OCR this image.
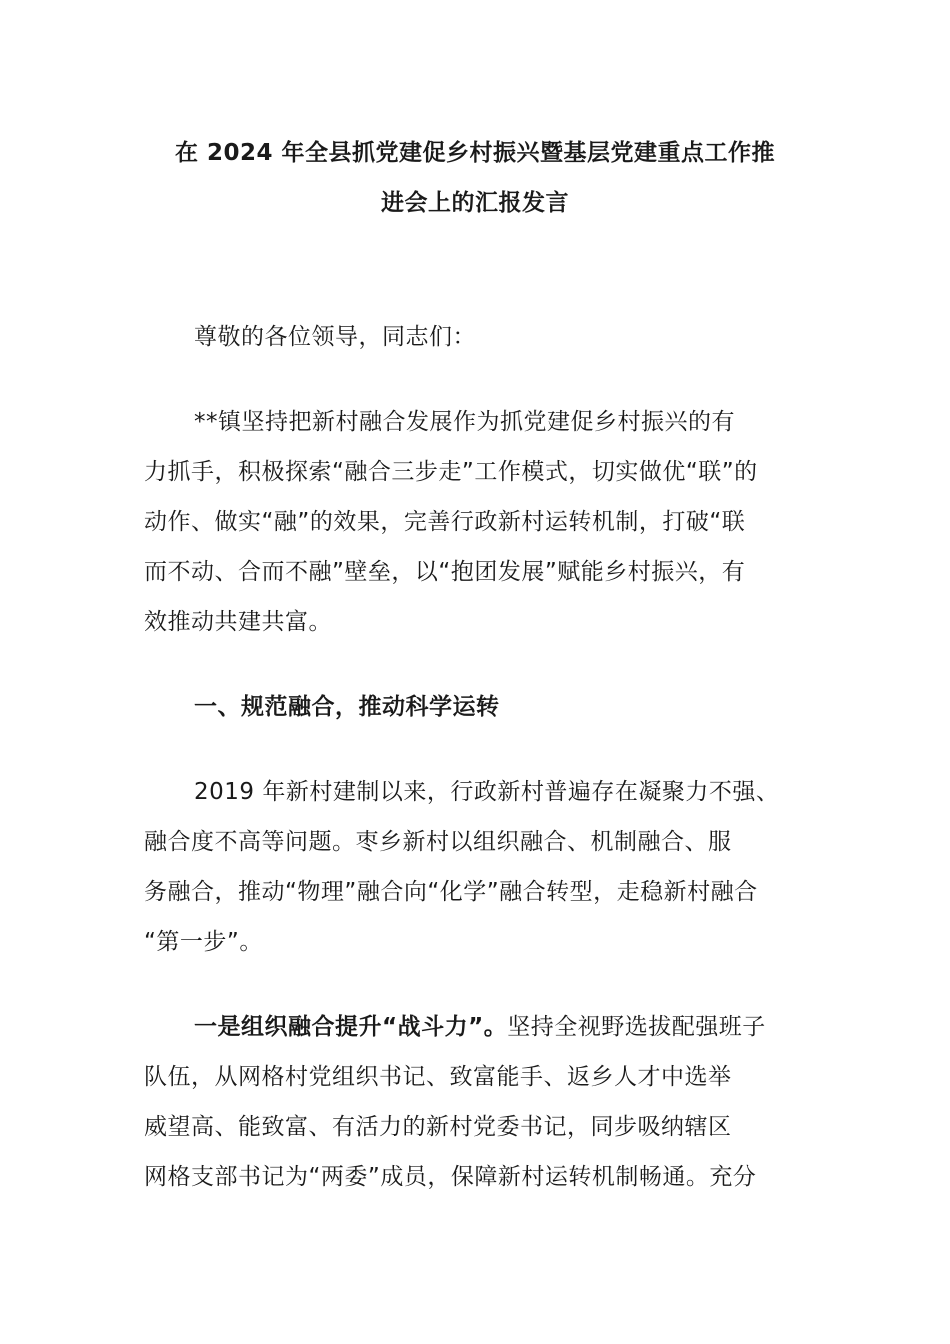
在 2024 年全县抓党建促乡村振兴暨基层党建重点工作推
进会上的汇报发言
尊敬的各位领导，同志们：
**镇坚持把新村融合发展作为抓党建促乡村振兴的有
力抓手，积极探索“融合三步走”工作模式，切实做优“联”的
动作、做实“融”的效果，完善行政新村运转机制，打破“联
而不动、合而不融”壁垒，以“抱团发展”赋能乡村振兴，有
效推动共建共富。
一、规范融合，推动科学运转
2019 年新村建制以来，行政新村普遍存在凝聚力不强、
融合度不高等问题。枣乡新村以组织融合、机制融合、服
务融合，推动“物理”融合向“化学”融合转型，走稳新村融合
“第一步”。
一是组织融合提升“战斗力”。坚持全视野选拔配强班子
队伍，从网格村党组织书记、致富能手、返乡人才中选举
威望高、能致富、有活力的新村党委书记，同步吸纳辖区
网格支部书记为“两委”成员，保障新村运转机制畅通。充分
